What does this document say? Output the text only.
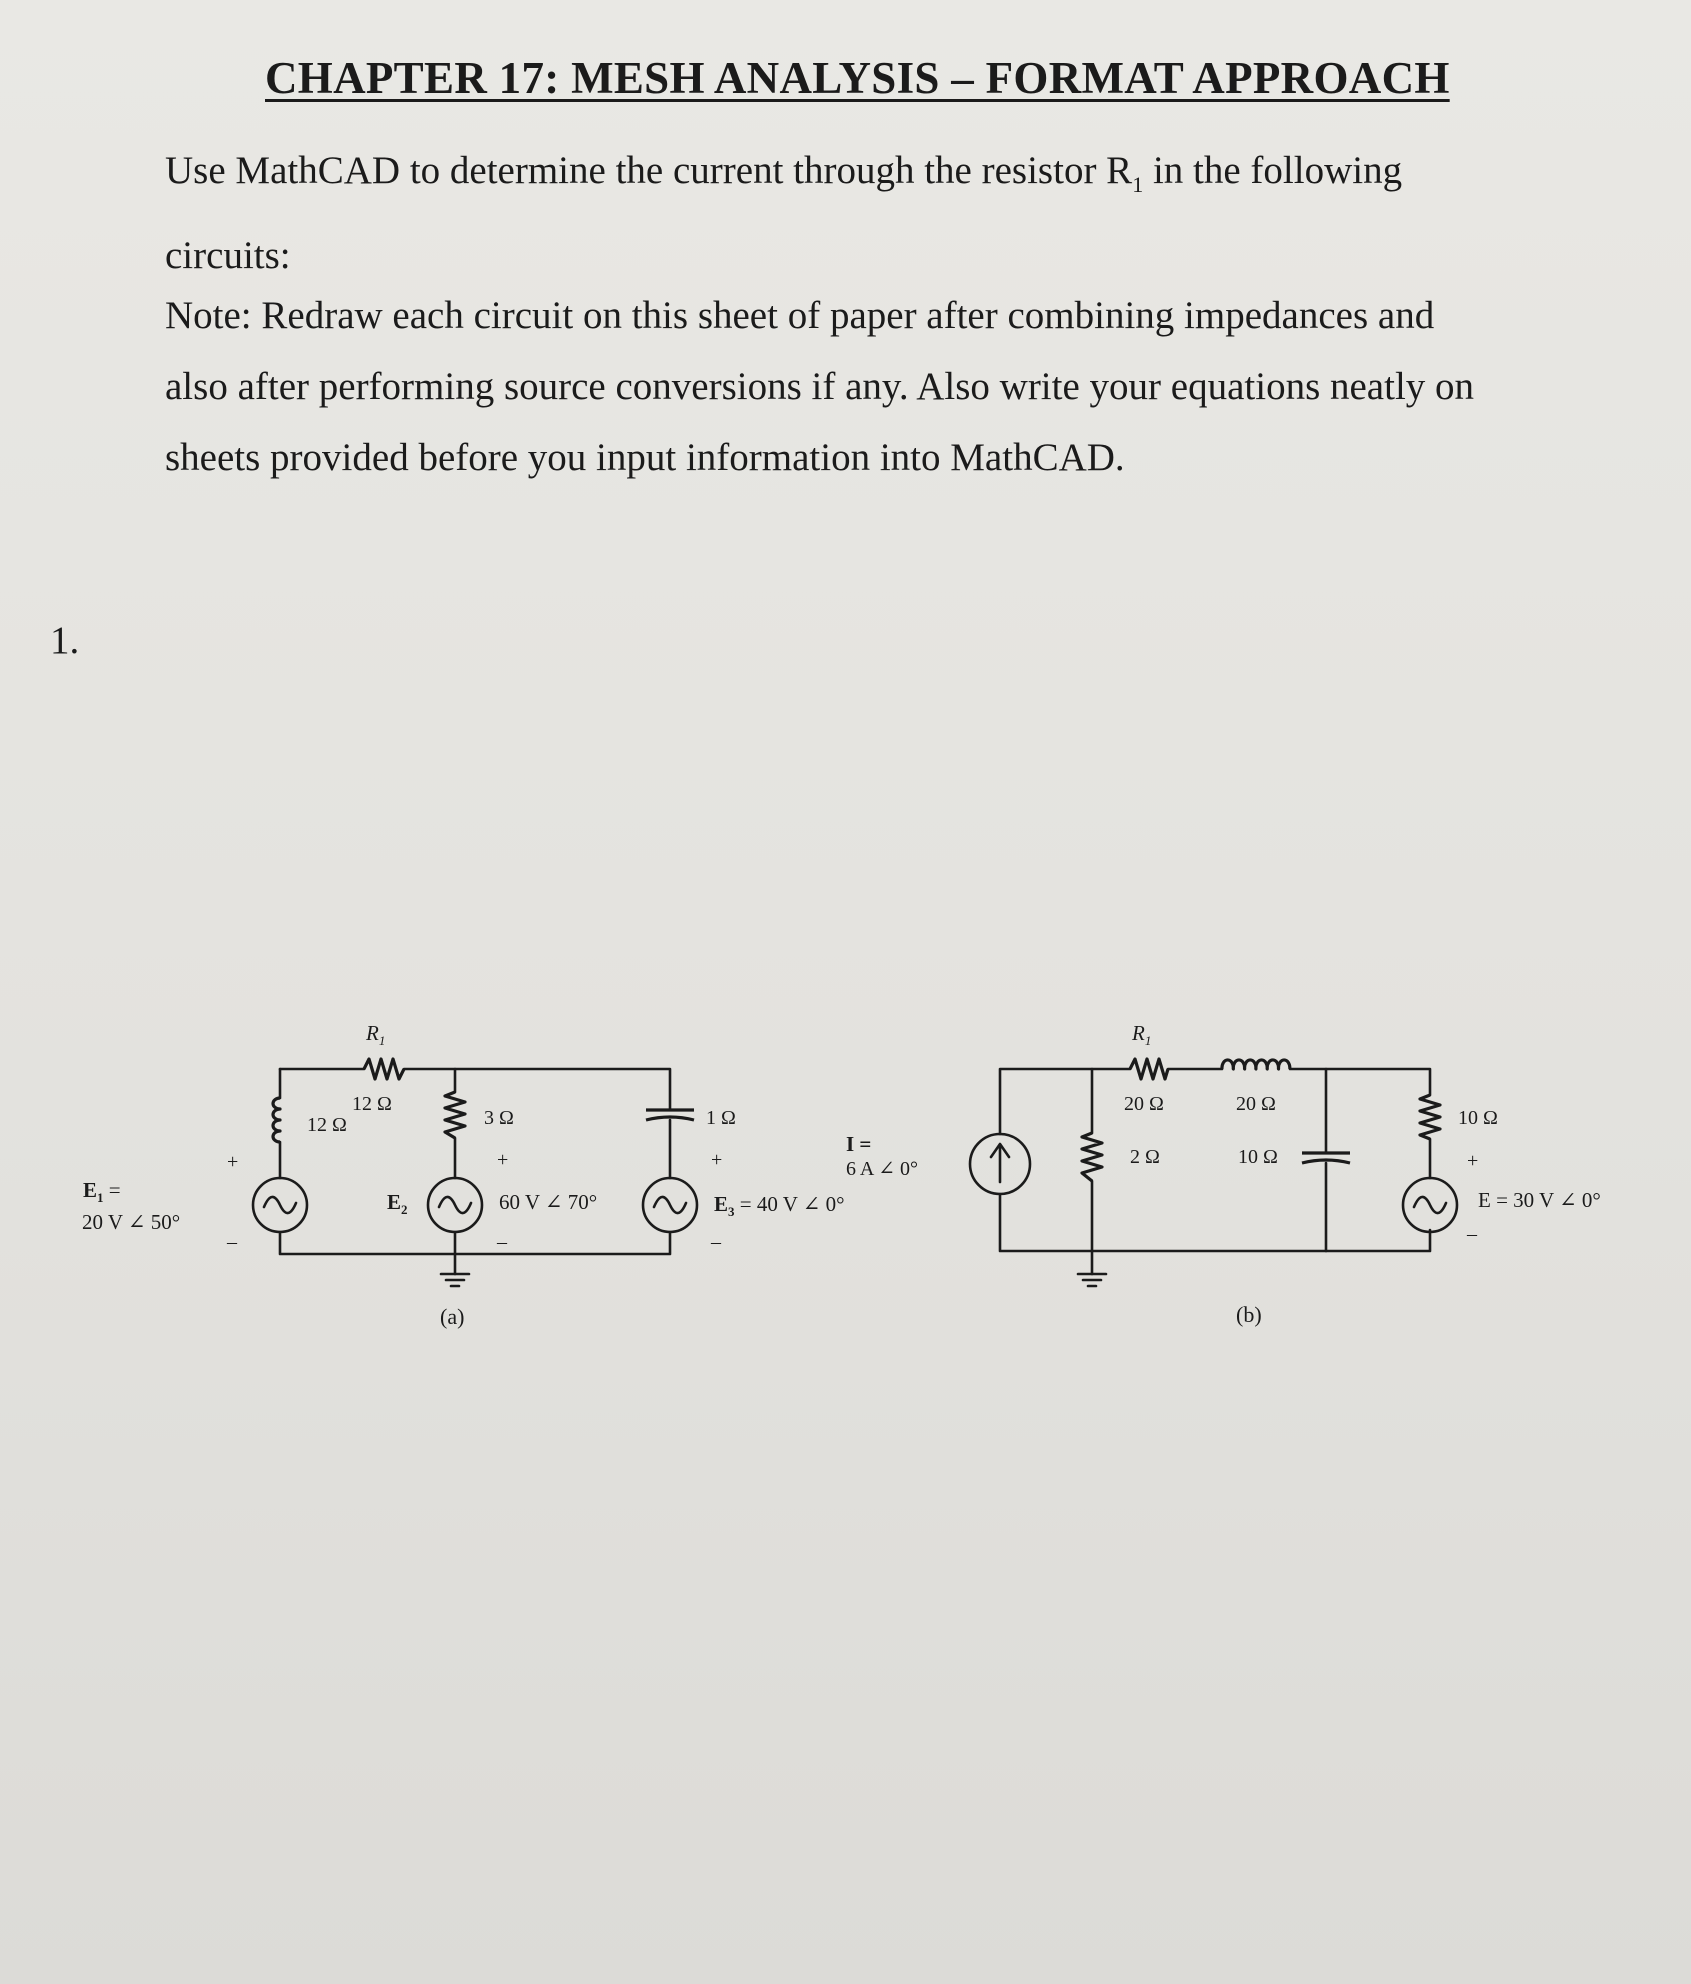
CHAPTER 17: MESH ANALYSIS – FORMAT APPROACH

Use MathCAD to determine the current through the resistor $R_1$ in the following circuits:

Note: Redraw each circuit on this sheet of paper after combining impedances and also after performing source conversions if any. Also write your equations neatly on sheets provided before you input information into MathCAD.

1.
$R_1$
12 Ω
12 Ω	3 Ω	1 Ω
+
–
$E_1$ =
20 V ∠ 50°
$E_2$
+
–
60 V ∠ 70°
+
–
$E_3 = 40$ V ∠ 0°
(a)
$R_1$
20 Ω	20 Ω
2 Ω	10 Ω
10 Ω
I =
6 A ∠ 0°	+
–
E = 30 V ∠ 0°
(b)
